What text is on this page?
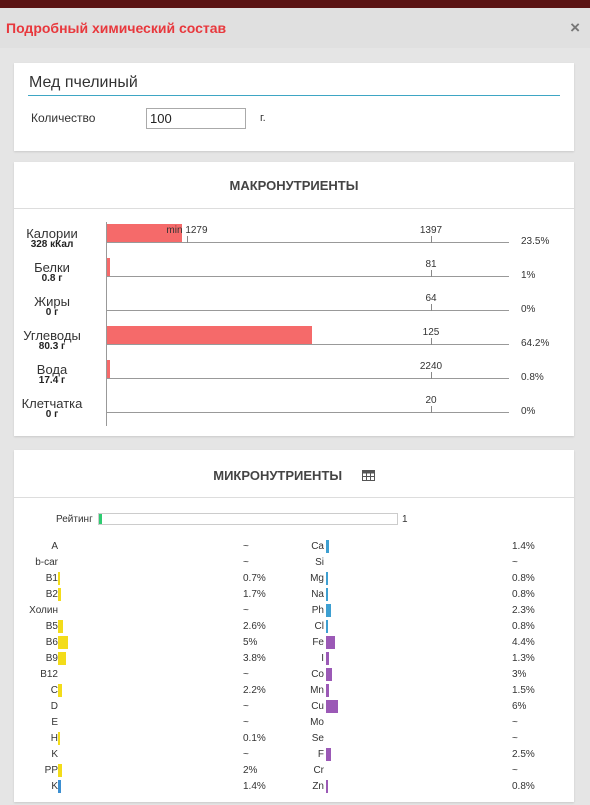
Подробный химический состав	×
Мед пчелиный
Количество
100	г.
МАКРОНУТРИЕНТЫ
Калории
328 кКал
1397
min 1279
23.5%
Белки
0.8 г
81
1%
Жиры
0 г
64
0%
Углеводы
80.3 г
125
64.2%
Вода
17.4 г
2240
0.8%
Клетчатка
0 г
20
0%
МИКРОНУТРИЕНТЫ
Рейтинг	1
A	~	Ca	1.4%
b-car	~	Si	~
B1	0.7%	Mg	0.8%
B2	1.7%	Na	0.8%
Холин	~	Ph	2.3%
B5	2.6%	Cl	0.8%
B6	5%	Fe	4.4%
B9	3.8%	I	1.3%
B12	~	Co	3%
C	2.2%	Mn	1.5%
D	~	Cu	6%
E	~	Mo	~
H	0.1%	Se	~
K	~	F	2.5%
PP	2%	Cr	~
K	1.4%	Zn	0.8%
